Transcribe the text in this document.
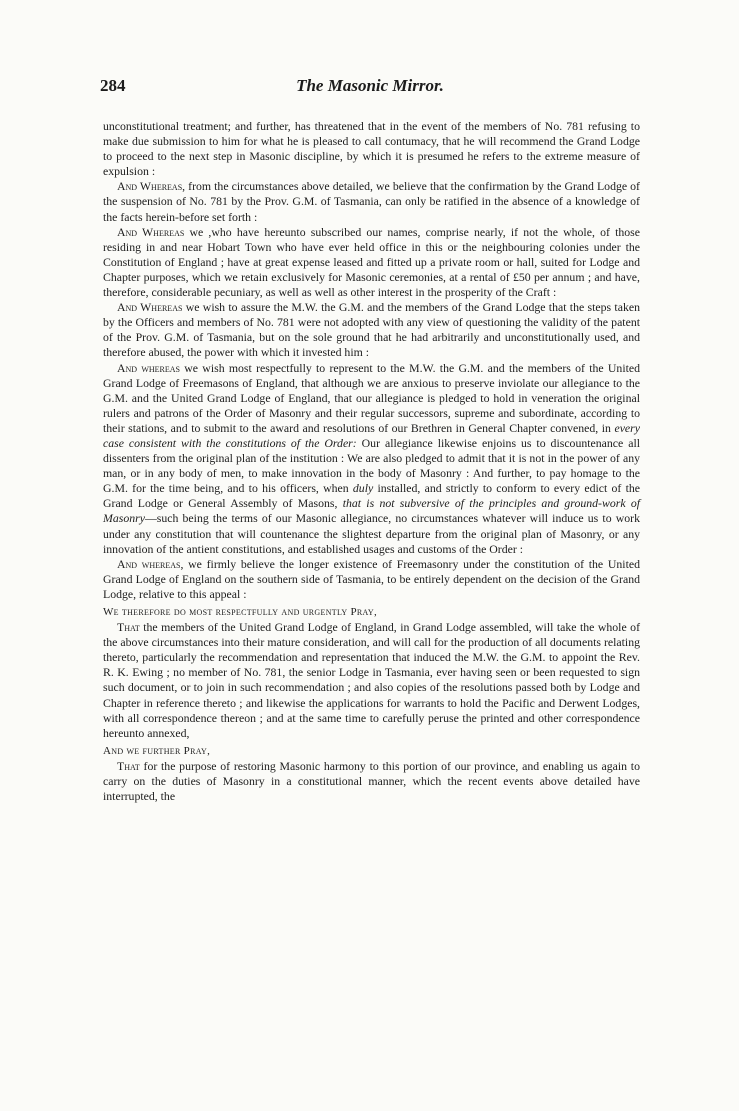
284	The Masonic Mirror.

unconstitutional treatment; and further, has threatened that in the event of the members of No. 781 refusing to make due submission to him for what he is pleased to call contumacy, that he will recommend the Grand Lodge to proceed to the next step in Masonic discipline, by which it is presumed he refers to the extreme measure of expulsion :

And Whereas, from the circumstances above detailed, we believe that the confirmation by the Grand Lodge of the suspension of No. 781 by the Prov. G.M. of Tasmania, can only be ratified in the absence of a knowledge of the facts herein-before set forth :

And Whereas we ,who have hereunto subscribed our names, comprise nearly, if not the whole, of those residing in and near Hobart Town who have ever held office in this or the neighbouring colonies under the Constitution of England ; have at great expense leased and fitted up a private room or hall, suited for Lodge and Chapter purposes, which we retain exclusively for Masonic ceremonies, at a rental of £50 per annum ; and have, therefore, considerable pecuniary, as well as well as other interest in the prosperity of the Craft :

And Whereas we wish to assure the M.W. the G.M. and the members of the Grand Lodge that the steps taken by the Officers and members of No. 781 were not adopted with any view of questioning the validity of the patent of the Prov. G.M. of Tasmania, but on the sole ground that he had arbitrarily and unconstitutionally used, and therefore abused, the power with which it invested him :

And whereas we wish most respectfully to represent to the M.W. the G.M. and the members of the United Grand Lodge of Freemasons of England, that although we are anxious to preserve inviolate our allegiance to the G.M. and the United Grand Lodge of England, that our allegiance is pledged to hold in veneration the original rulers and patrons of the Order of Masonry and their regular successors, supreme and subordinate, according to their stations, and to submit to the award and resolutions of our Brethren in General Chapter convened, in every case consistent with the constitutions of the Order: Our allegiance likewise enjoins us to discountenance all dissenters from the original plan of the institution : We are also pledged to admit that it is not in the power of any man, or in any body of men, to make innovation in the body of Masonry : And further, to pay homage to the G.M. for the time being, and to his officers, when duly installed, and strictly to conform to every edict of the Grand Lodge or General Assembly of Masons, that is not subversive of the principles and ground-work of Masonry—such being the terms of our Masonic allegiance, no circumstances whatever will induce us to work under any constitution that will countenance the slightest departure from the original plan of Masonry, or any innovation of the antient constitutions, and established usages and customs of the Order :

And whereas, we firmly believe the longer existence of Freemasonry under the constitution of the United Grand Lodge of England on the southern side of Tasmania, to be entirely dependent on the decision of the Grand Lodge, relative to this appeal :

We therefore do most respectfully and urgently Pray,

That the members of the United Grand Lodge of England, in Grand Lodge assembled, will take the whole of the above circumstances into their mature consideration, and will call for the production of all documents relating thereto, particularly the recommendation and representation that induced the M.W. the G.M. to appoint the Rev. R. K. Ewing ; no member of No. 781, the senior Lodge in Tasmania, ever having seen or been requested to sign such document, or to join in such recommendation ; and also copies of the resolutions passed both by Lodge and Chapter in reference thereto ; and likewise the applications for warrants to hold the Pacific and Derwent Lodges, with all correspondence thereon ; and at the same time to carefully peruse the printed and other correspondence hereunto annexed,

And we further Pray,

That for the purpose of restoring Masonic harmony to this portion of our province, and enabling us again to carry on the duties of Masonry in a constitutional manner, which the recent events above detailed have interrupted, the
